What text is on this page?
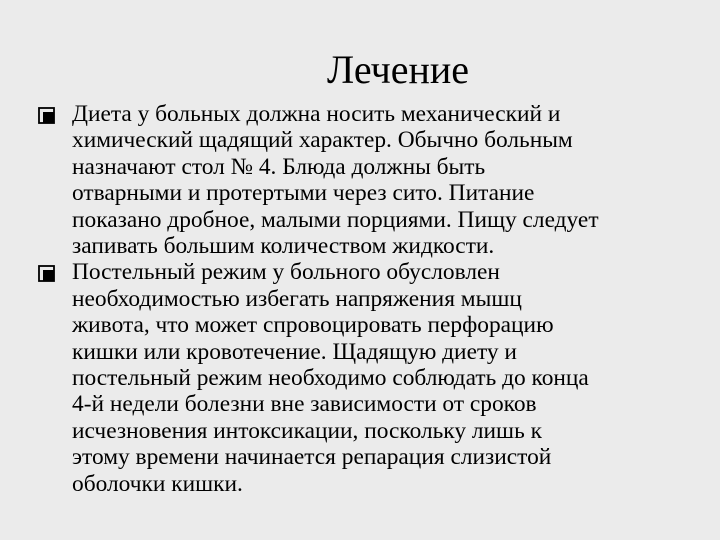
Лечение
Диета у больных должна носить механический и
химический щадящий характер. Обычно больным
назначают стол № 4. Блюда должны быть
отварными и протертыми через сито. Питание
показано дробное, малыми порциями. Пищу следует
запивать большим количеством жидкости.
Постельный режим у больного обусловлен
необходимостью избегать напряжения мышц
живота, что может спровоцировать перфорацию
кишки или кровотечение. Щадящую диету и
постельный режим необходимо соблюдать до конца
4-й недели болезни вне зависимости от сроков
исчезновения интоксикации, поскольку лишь к
этому времени начинается репарация слизистой
оболочки кишки.
